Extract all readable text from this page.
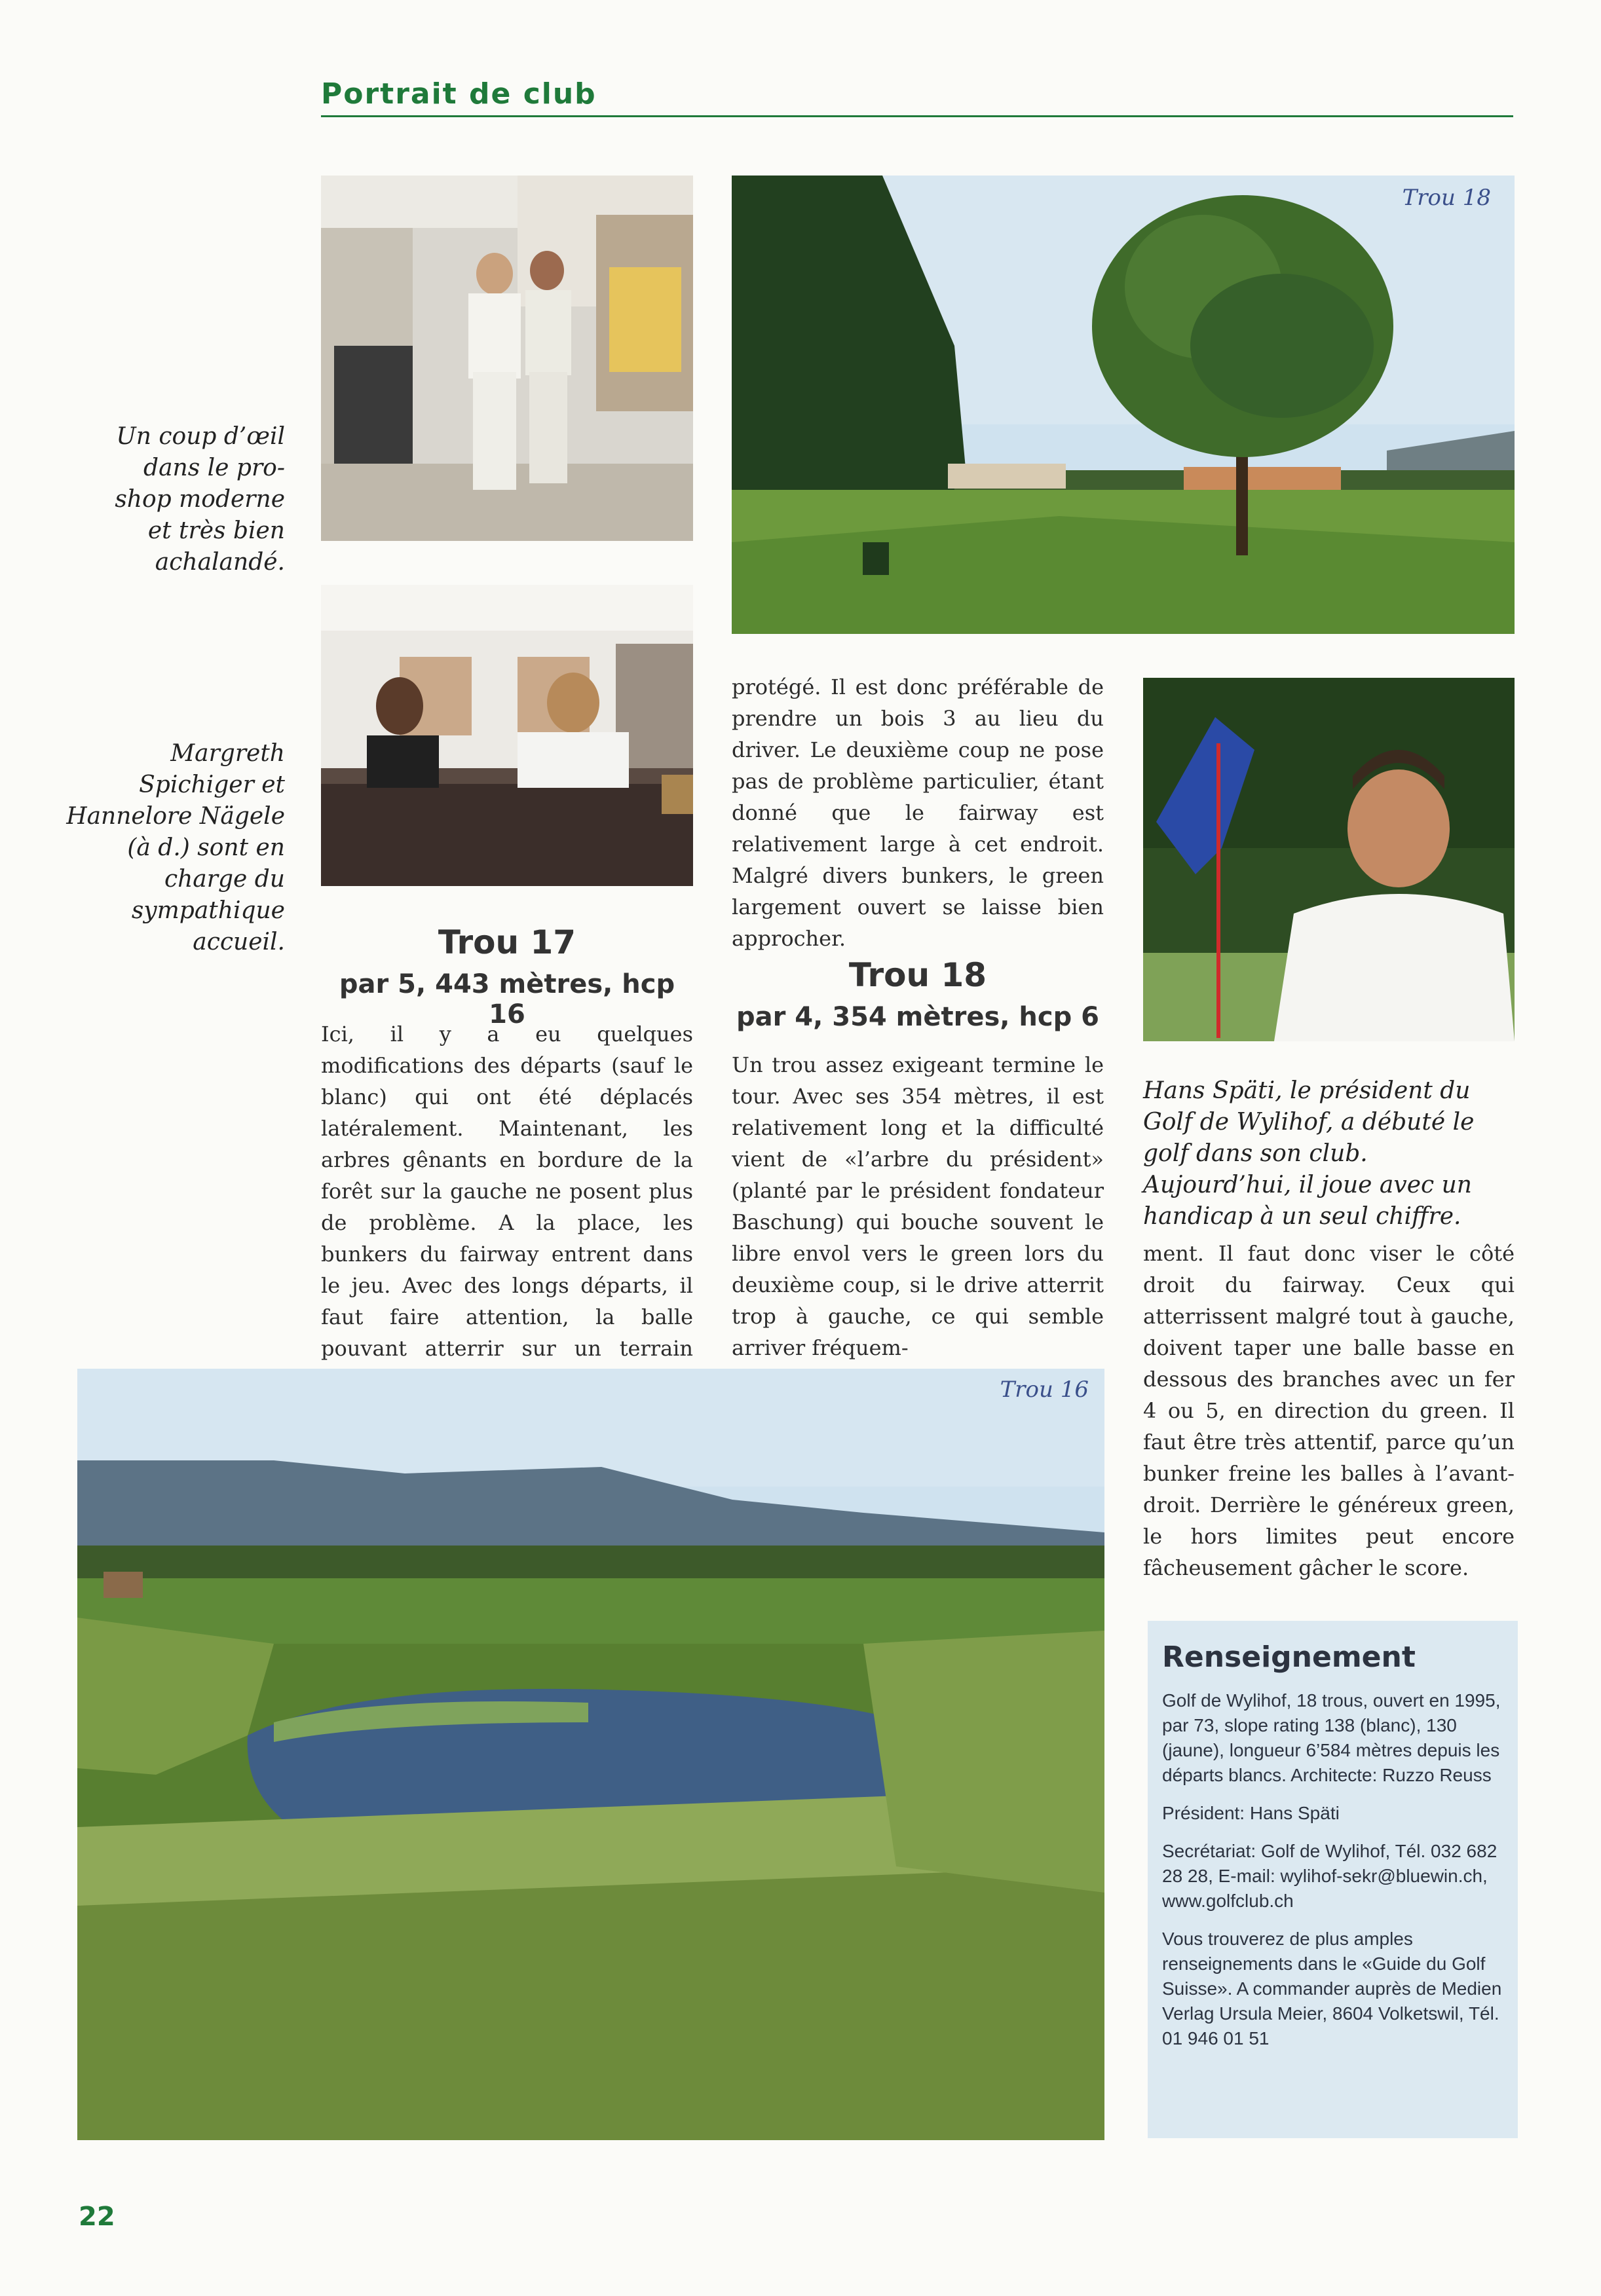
Portrait de club
Trou 18
Un coup d’œil dans le pro-shop moderne et très bien achalandé.
Margreth Spichiger et Hannelore Nägele (à d.) sont en charge du sympathique accueil.
protégé. Il est donc préférable de prendre un bois 3 au lieu du driver. Le deuxième coup ne pose pas de problème particulier, étant donné que le fairway est relativement large à cet endroit. Malgré divers bunkers, le green largement ouvert se laisse bien approcher.
Hans Späti, le président du Golf de Wylihof, a débuté le golf dans son club. Aujourd’hui, il joue avec un handicap à un seul chiffre.
Trou 17
par 5, 443 mètres, hcp 16
Ici, il y a eu quelques modifications des départs (sauf le blanc) qui ont été déplacés latéralement. Maintenant, les arbres gênants en bordure de la forêt sur la gauche ne posent plus de problème. A la place, les bunkers du fairway entrent dans le jeu. Avec des longs départs, il faut faire attention, la balle pouvant atterrir sur un terrain
Trou 18
par 4, 354 mètres, hcp 6
Un trou assez exigeant termine le tour. Avec ses 354 mètres, il est relativement long et la difficulté vient de «l’arbre du président» (planté par le président fondateur Baschung) qui bouche souvent le libre envol vers le green lors du deuxième coup, si le drive atterrit trop à gauche, ce qui semble arriver fréquem-
ment. Il faut donc viser le côté droit du fairway. Ceux qui atterrissent malgré tout à gauche, doivent taper une balle basse en dessous des branches avec un fer 4 ou 5, en direction du green. Il faut être très attentif, parce qu’un bunker freine les balles à l’avant-droit. Derrière le généreux green, le hors limites peut encore fâcheusement gâcher le score.
Trou 16
Renseignement

Golf de Wylihof, 18 trous, ouvert en 1995, par 73, slope rating 138 (blanc), 130 (jaune), longueur 6’584 mètres depuis les départs blancs. Architecte: Ruzzo Reuss

Président: Hans Späti

Secrétariat: Golf de Wylihof, Tél. 032 682 28 28, E-mail: wylihof-sekr@bluewin.ch, www.golfclub.ch

Vous trouverez de plus amples renseignements dans le «Guide du Golf Suisse». A commander auprès de Medien Verlag Ursula Meier, 8604 Volketswil, Tél. 01 946 01 51

22
